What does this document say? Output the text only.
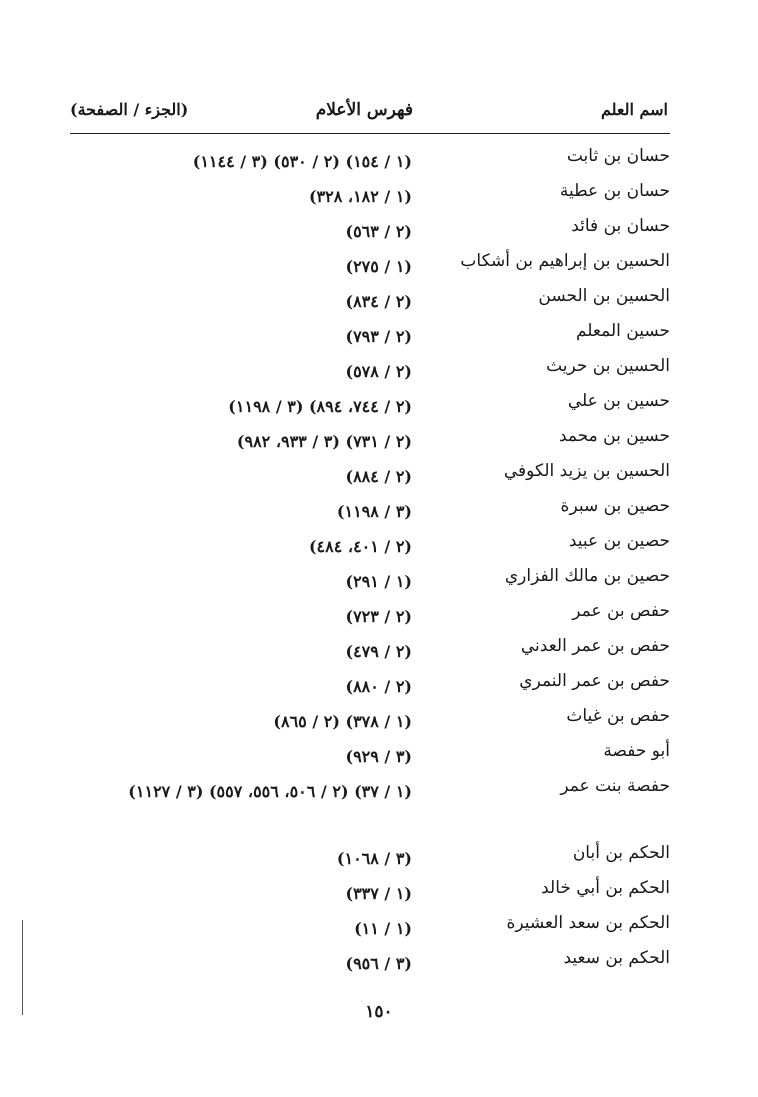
اسم العلم
فهرس الأعلام
(الجزء / الصفحة)
حسان بن ثابت
(١ / ١٥٤) (٢ / ٥٣٠) (٣ / ١١٤٤)
حسان بن عطية
(١ / ١٨٢، ٣٢٨)
حسان بن فائد
(٢ / ٥٦٣)
الحسين بن إبراهيم بن أشكاب
(١ / ٢٧٥)
الحسين بن الحسن
(٢ / ٨٣٤)
حسين المعلم
(٢ / ٧٩٣)
الحسين بن حريث
(٢ / ٥٧٨)
حسين بن علي
(٢ / ٧٤٤، ٨٩٤) (٣ / ١١٩٨)
حسين بن محمد
(٢ / ٧٣١) (٣ / ٩٣٣، ٩٨٢)
الحسين بن يزيد الكوفي
(٢ / ٨٨٤)
حصين بن سبرة
(٣ / ١١٩٨)
حصين بن عبيد
(٢ / ٤٠١، ٤٨٤)
حصين بن مالك الفزاري
(١ / ٢٩١)
حفص بن عمر
(٢ / ٧٢٣)
حفص بن عمر العدني
(٢ / ٤٧٩)
حفص بن عمر النمري
(٢ / ٨٨٠)
حفص بن غياث
(١ / ٣٧٨) (٢ / ٨٦٥)
أبو حفصة
(٣ / ٩٢٩)
حفصة بنت عمر
(١ / ٣٧) (٢ / ٥٠٦، ٥٥٦، ٥٥٧) (٣ / ١١٢٧)
الحكم بن أبان
(٣ / ١٠٦٨)
الحكم بن أبي خالد
(١ / ٣٣٧)
الحكم بن سعد العشيرة
(١ / ١١)
الحكم بن سعيد
(٣ / ٩٥٦)
١٥٠
